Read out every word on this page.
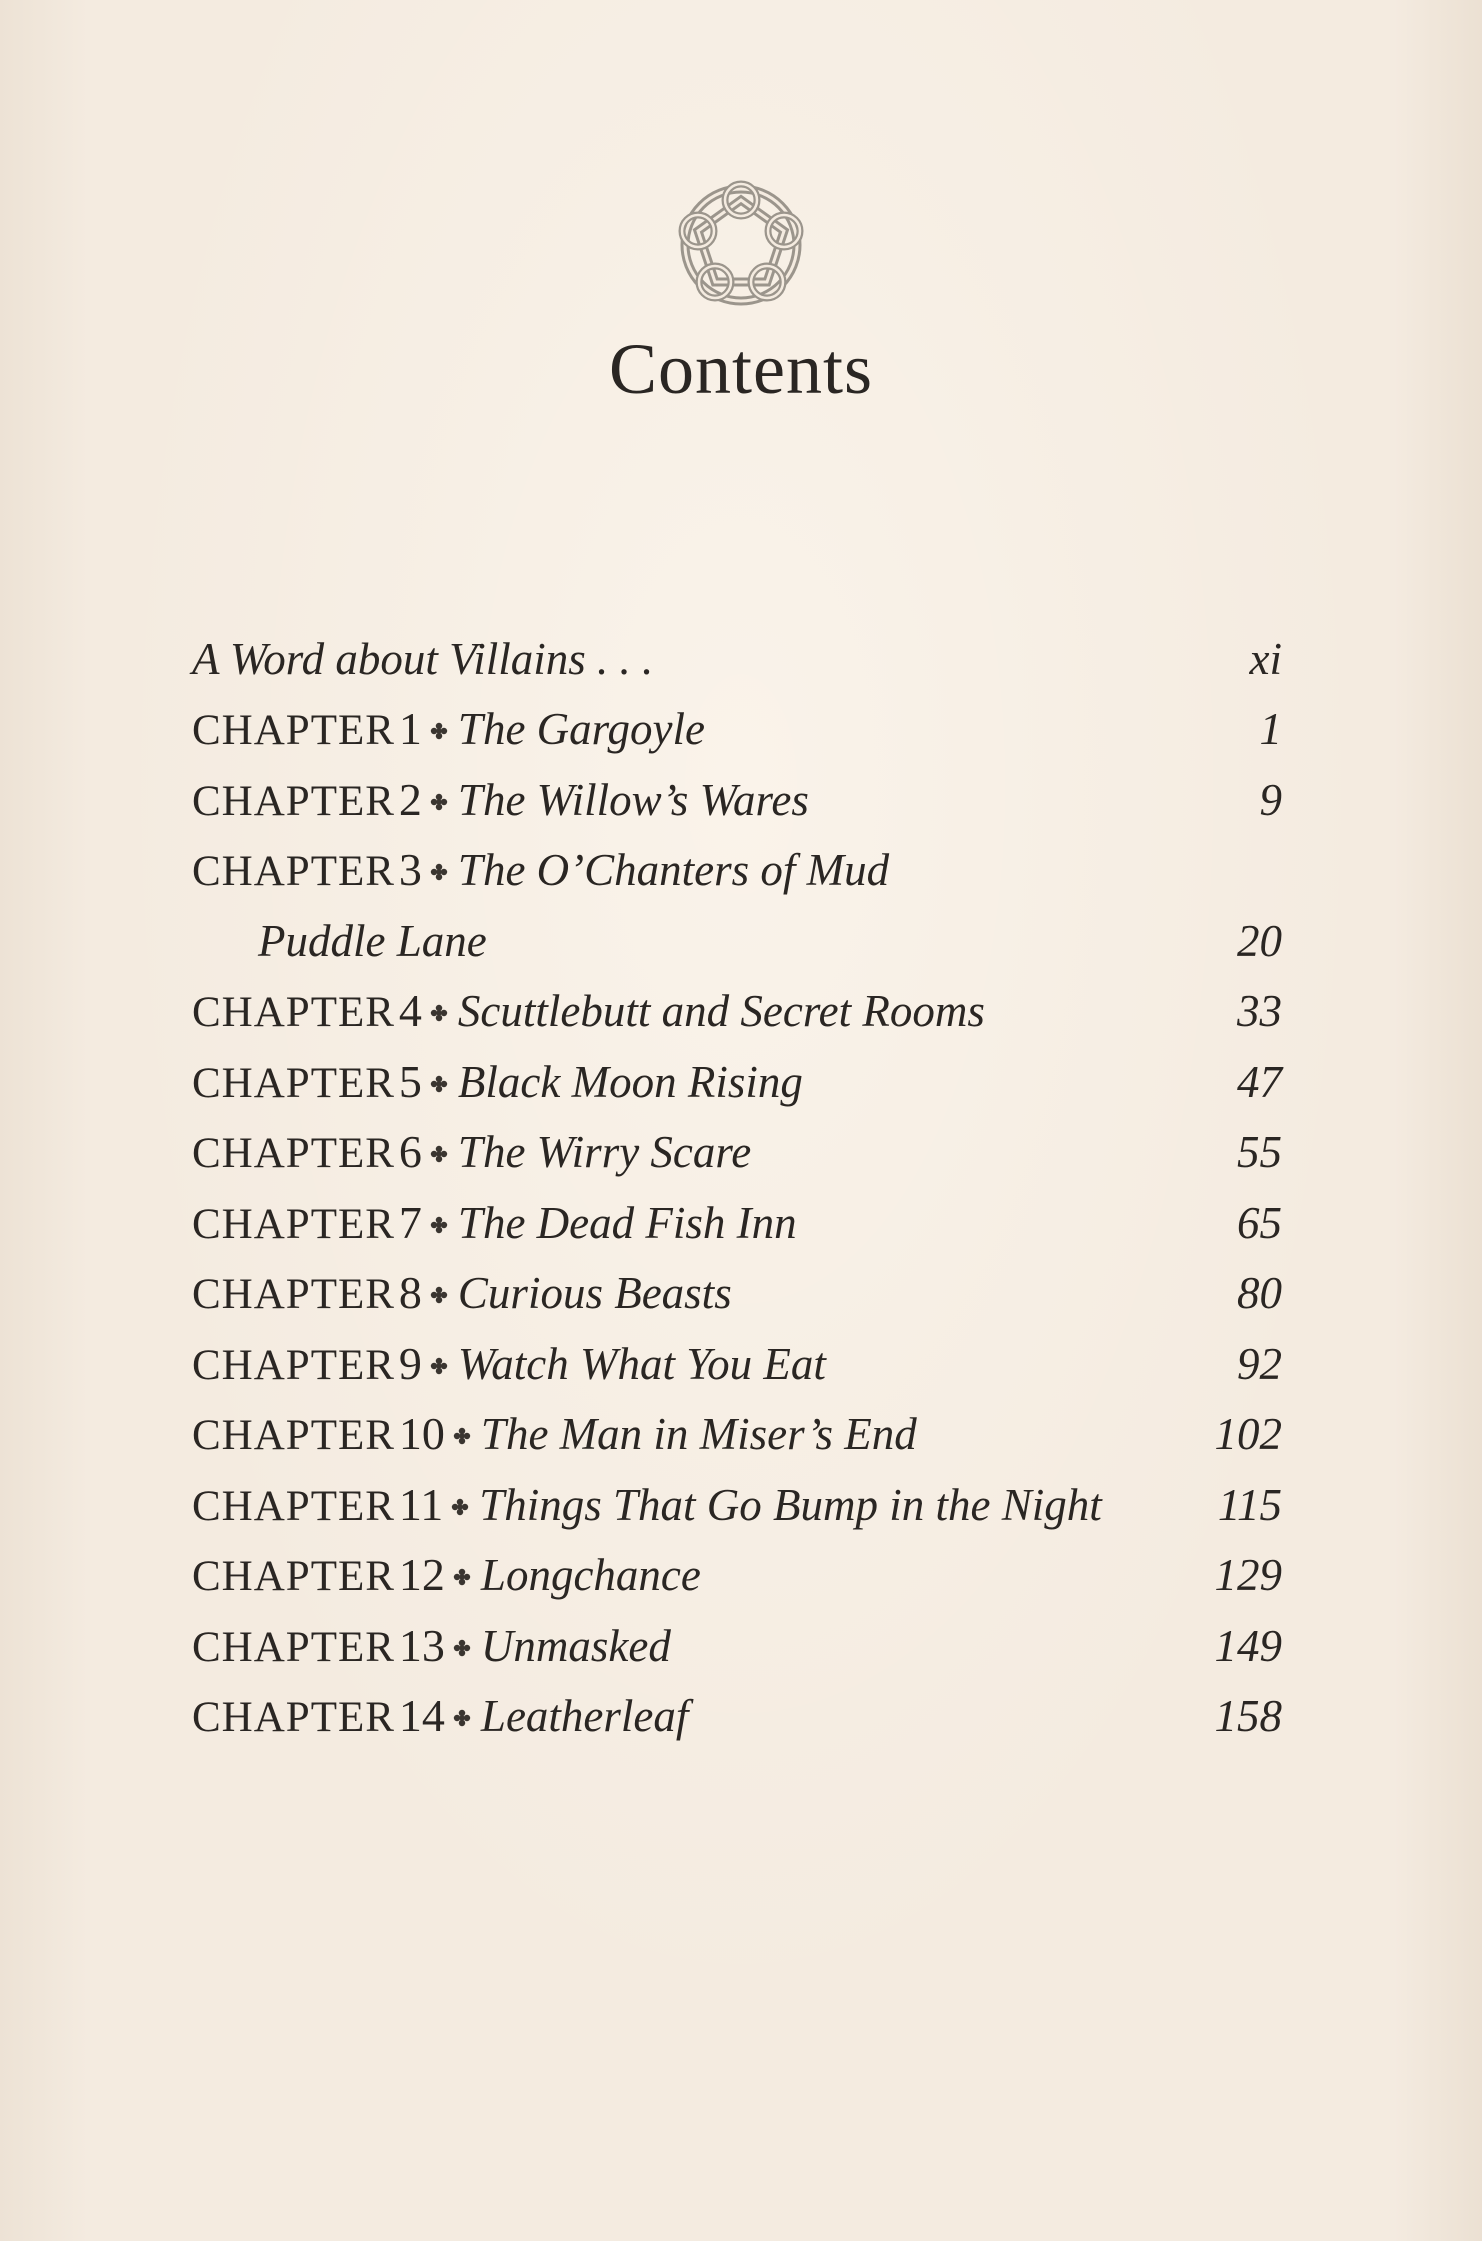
Contents
A Word about Villains . . .	xi
CHAPTER1 The Gargoyle	1
CHAPTER2 The Willow’s Wares	9
CHAPTER3 The O’Chanters of Mud
Puddle Lane	20
CHAPTER4 Scuttlebutt and Secret Rooms	33
CHAPTER5 Black Moon Rising	47
CHAPTER6 The Wirry Scare	55
CHAPTER7 The Dead Fish Inn	65
CHAPTER8 Curious Beasts	80
CHAPTER9 Watch What You Eat	92
CHAPTER10 The Man in Miser’s End	102
CHAPTER11 Things That Go Bump in the Night	115
CHAPTER12 Longchance	129
CHAPTER13 Unmasked	149
CHAPTER14 Leatherleaf	158
